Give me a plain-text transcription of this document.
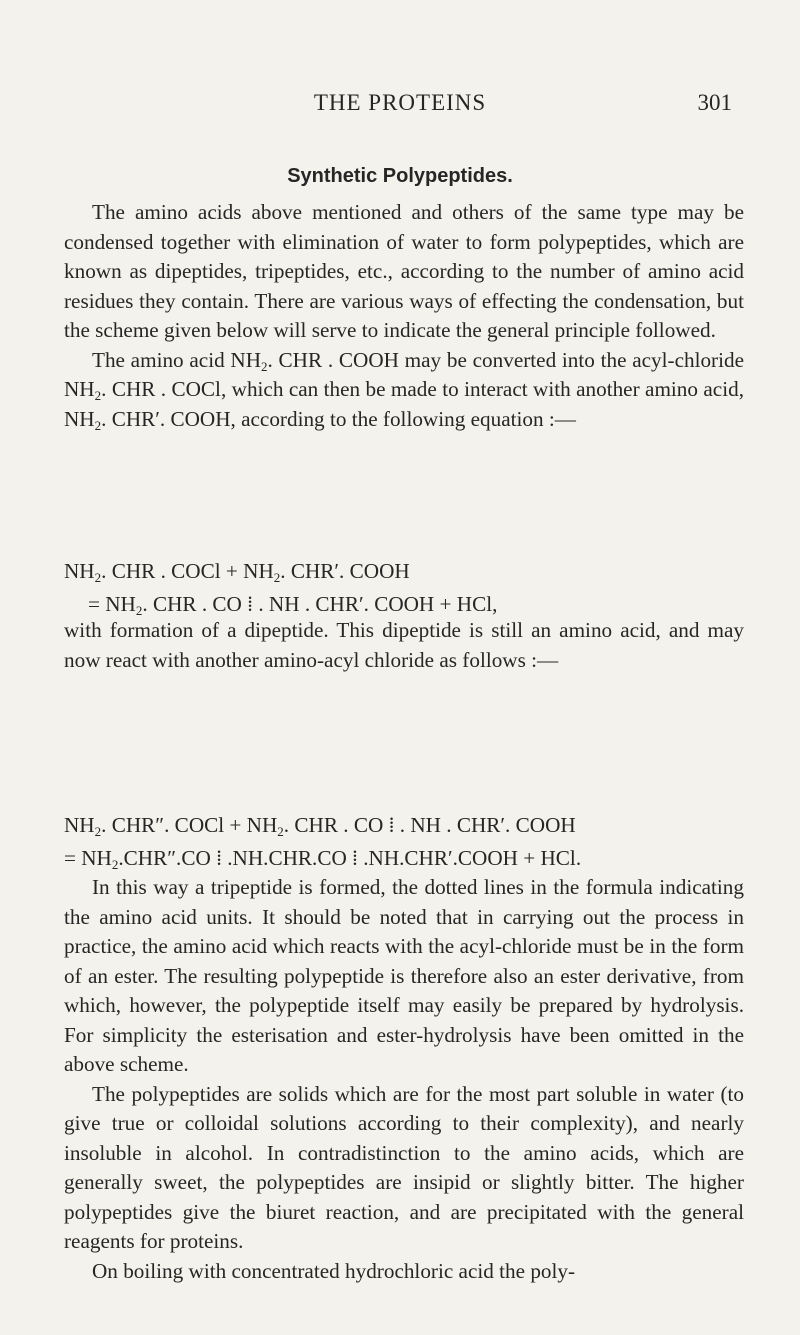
THE PROTEINS	301
Synthetic Polypeptides.

The amino acids above mentioned and others of the same type may be condensed together with elimination of water to form polypeptides, which are known as dipeptides, tripeptides, etc., according to the number of amino acid residues they contain. There are various ways of effecting the condensation, but the scheme given below will serve to indicate the general principle followed.

The amino acid $NH_2$. CHR . COOH may be converted into the acyl-chloride $NH_2$. CHR . COCl, which can then be made to interact with another amino acid, $NH_2$. CHR′. COOH, according to the following equation :—

$NH_2$. CHR . COCl + $NH_2$. CHR′. COOH
= $NH_2$. CHR . CO ⁞ . NH . CHR′. COOH + HCl,

with formation of a dipeptide. This dipeptide is still an amino acid, and may now react with another amino-acyl chloride as follows :—

$NH_2$. CHR″. COCl + $NH_2$. CHR . CO ⁞ . NH . CHR′. COOH
= $NH_2.CHR''.CO$ ⁞ .NH.CHR.CO ⁞ .NH.CHR′.COOH + HCl.

In this way a tripeptide is formed, the dotted lines in the formula indicating the amino acid units. It should be noted that in carrying out the process in practice, the amino acid which reacts with the acyl-chloride must be in the form of an ester. The resulting polypeptide is therefore also an ester derivative, from which, however, the polypeptide itself may easily be prepared by hydrolysis. For simplicity the esterisation and ester-hydrolysis have been omitted in the above scheme.

The polypeptides are solids which are for the most part soluble in water (to give true or colloidal solutions according to their complexity), and nearly insoluble in alcohol. In contradistinction to the amino acids, which are generally sweet, the polypeptides are insipid or slightly bitter. The higher polypeptides give the biuret reaction, and are precipitated with the general reagents for proteins.

On boiling with concentrated hydrochloric acid the poly-
